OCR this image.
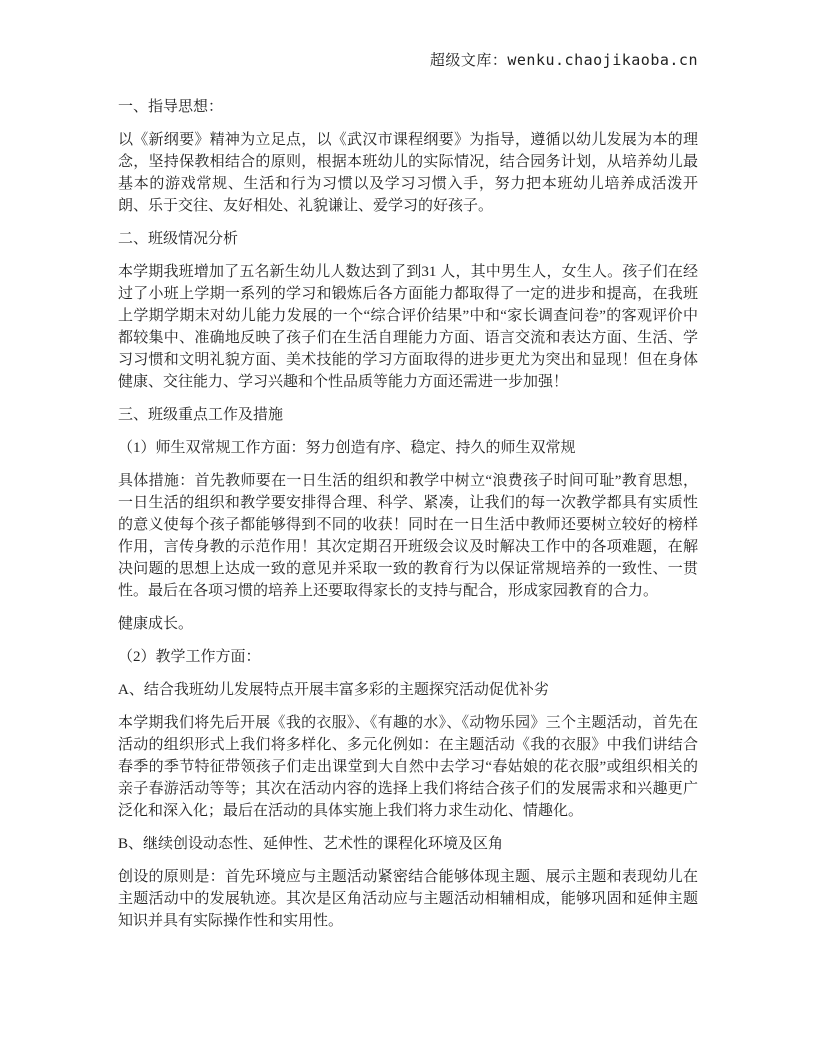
超级文库：wenku.chaojikaoba.cn

一、指导思想：

以《新纲要》精神为立足点，以《武汉市课程纲要》为指导，遵循以幼儿发展为本的理念，坚持保教相结合的原则，根据本班幼儿的实际情况，结合园务计划，从培养幼儿最基本的游戏常规、生活和行为习惯以及学习习惯入手，努力把本班幼儿培养成活泼开朗、乐于交往、友好相处、礼貌谦让、爱学习的好孩子。

二、班级情况分析

本学期我班增加了五名新生幼儿人数达到了到31 人，其中男生人，女生人。孩子们在经过了小班上学期一系列的学习和锻炼后各方面能力都取得了一定的进步和提高，在我班上学期学期末对幼儿能力发展的一个“综合评价结果”中和“家长调查问卷”的客观评价中都较集中、准确地反映了孩子们在生活自理能力方面、语言交流和表达方面、生活、学习习惯和文明礼貌方面、美术技能的学习方面取得的进步更尤为突出和显现！但在身体健康、交往能力、学习兴趣和个性品质等能力方面还需进一步加强！

三、班级重点工作及措施

（1）师生双常规工作方面：努力创造有序、稳定、持久的师生双常规

具体措施：首先教师要在一日生活的组织和教学中树立“浪费孩子时间可耻”教育思想，一日生活的组织和教学要安排得合理、科学、紧凑，让我们的每一次教学都具有实质性的意义使每个孩子都能够得到不同的收获！同时在一日生活中教师还要树立较好的榜样作用，言传身教的示范作用！其次定期召开班级会议及时解决工作中的各项难题，在解决问题的思想上达成一致的意见并采取一致的教育行为以保证常规培养的一致性、一贯性。最后在各项习惯的培养上还要取得家长的支持与配合，形成家园教育的合力。

健康成长。

（2）教学工作方面：

A、结合我班幼儿发展特点开展丰富多彩的主题探究活动促优补劣

本学期我们将先后开展《我的衣服》、《有趣的水》、《动物乐园》三个主题活动，首先在活动的组织形式上我们将多样化、多元化例如：在主题活动《我的衣服》中我们讲结合春季的季节特征带领孩子们走出课堂到大自然中去学习“春姑娘的花衣服”或组织相关的亲子春游活动等等；其次在活动内容的选择上我们将结合孩子们的发展需求和兴趣更广泛化和深入化；最后在活动的具体实施上我们将力求生动化、情趣化。

B、继续创设动态性、延伸性、艺术性的课程化环境及区角

创设的原则是：首先环境应与主题活动紧密结合能够体现主题、展示主题和表现幼儿在主题活动中的发展轨迹。其次是区角活动应与主题活动相辅相成，能够巩固和延伸主题知识并具有实际操作性和实用性。
